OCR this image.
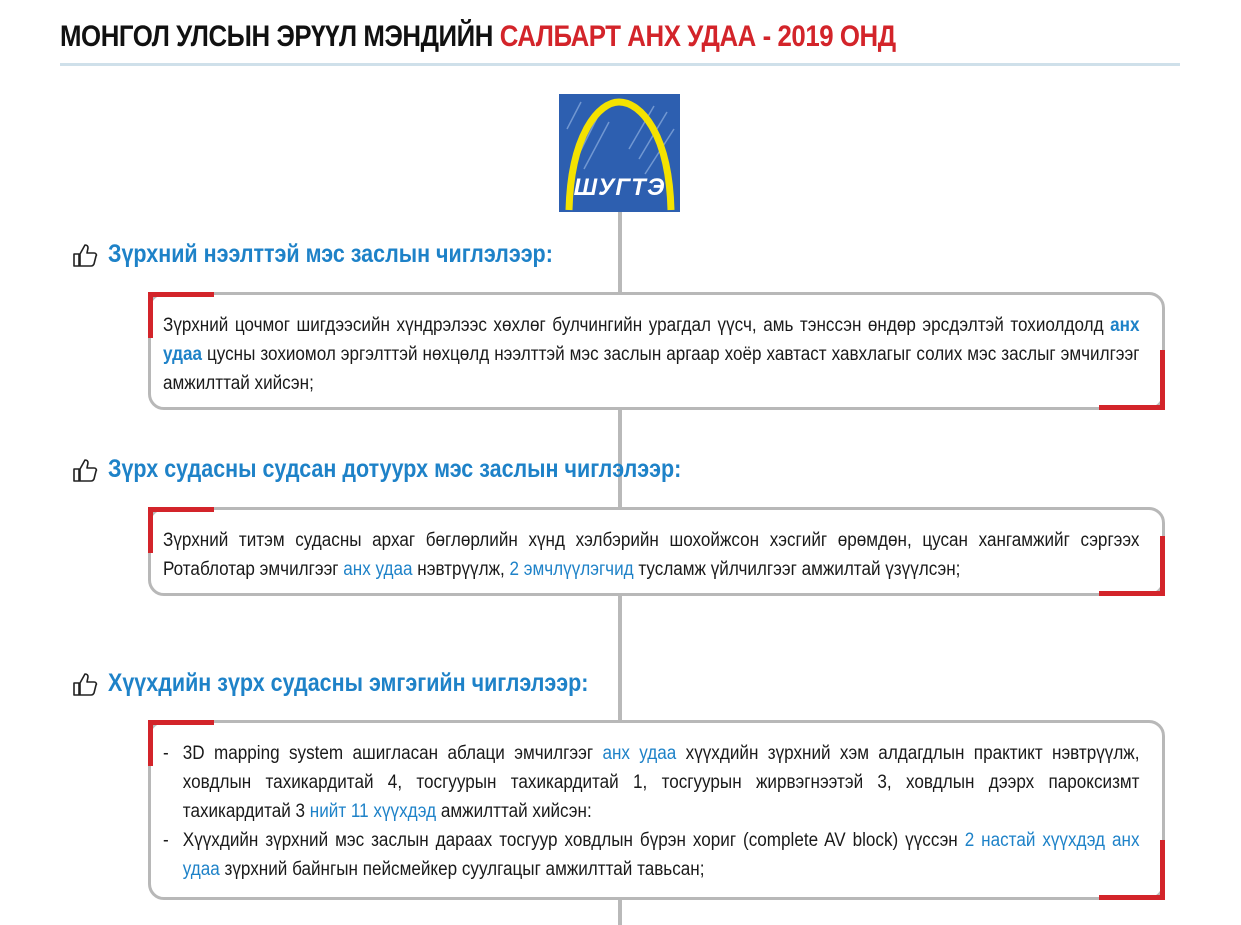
МОНГОЛ УЛСЫН ЭРҮҮЛ МЭНДИЙН САЛБАРТ АНХ УДАА - 2019 ОНД
ШУГТЭ
Зүрхний нээлттэй мэс заслын чиглэлээр:
Зүрхний цочмог шигдээсийн хүндрэлээс хөхлөг булчингийн урагдал үүсч, амь тэнссэн өндөр эрсдэлтэй тохиолдолд анх удаа цусны зохиомол эргэлттэй нөхцөлд нээлттэй мэс заслын аргаар хоёр хавтаст хавхлагыг солих мэс заслыг эмчилгээг амжилттай хийсэн;
Зүрх судасны судсан дотуурх мэс заслын чиглэлээр:
Зүрхний титэм судасны архаг бөглөрлийн хүнд хэлбэрийн шохойжсон хэсгийг өрөмдөн, цусан хангамжийг сэргээх Ротаблотар эмчилгээг анх удаа нэвтрүүлж, 2 эмчлүүлэгчид тусламж үйлчилгээг амжилтай үзүүлсэн;
Хүүхдийн зүрх судасны эмгэгийн чиглэлээр:
- 3D mapping system ашигласан аблаци эмчилгээг анх удаа хүүхдийн зүрхний хэм алдагдлын практикт нэвтрүүлж, ховдлын тахикардитай 4, тосгуурын тахикардитай 1, тосгуурын жирвэгнээтэй 3, ховдлын дээрх пароксизмт тахикардитай 3 нийт 11 хүүхдэд амжилттай хийсэн:
- Хүүхдийн зүрхний мэс заслын дараах тосгуур ховдлын бүрэн хориг (complete AV block) үүссэн 2 настай хүүхдэд анх удаа зүрхний байнгын пейсмейкер суулгацыг амжилттай тавьсан;
